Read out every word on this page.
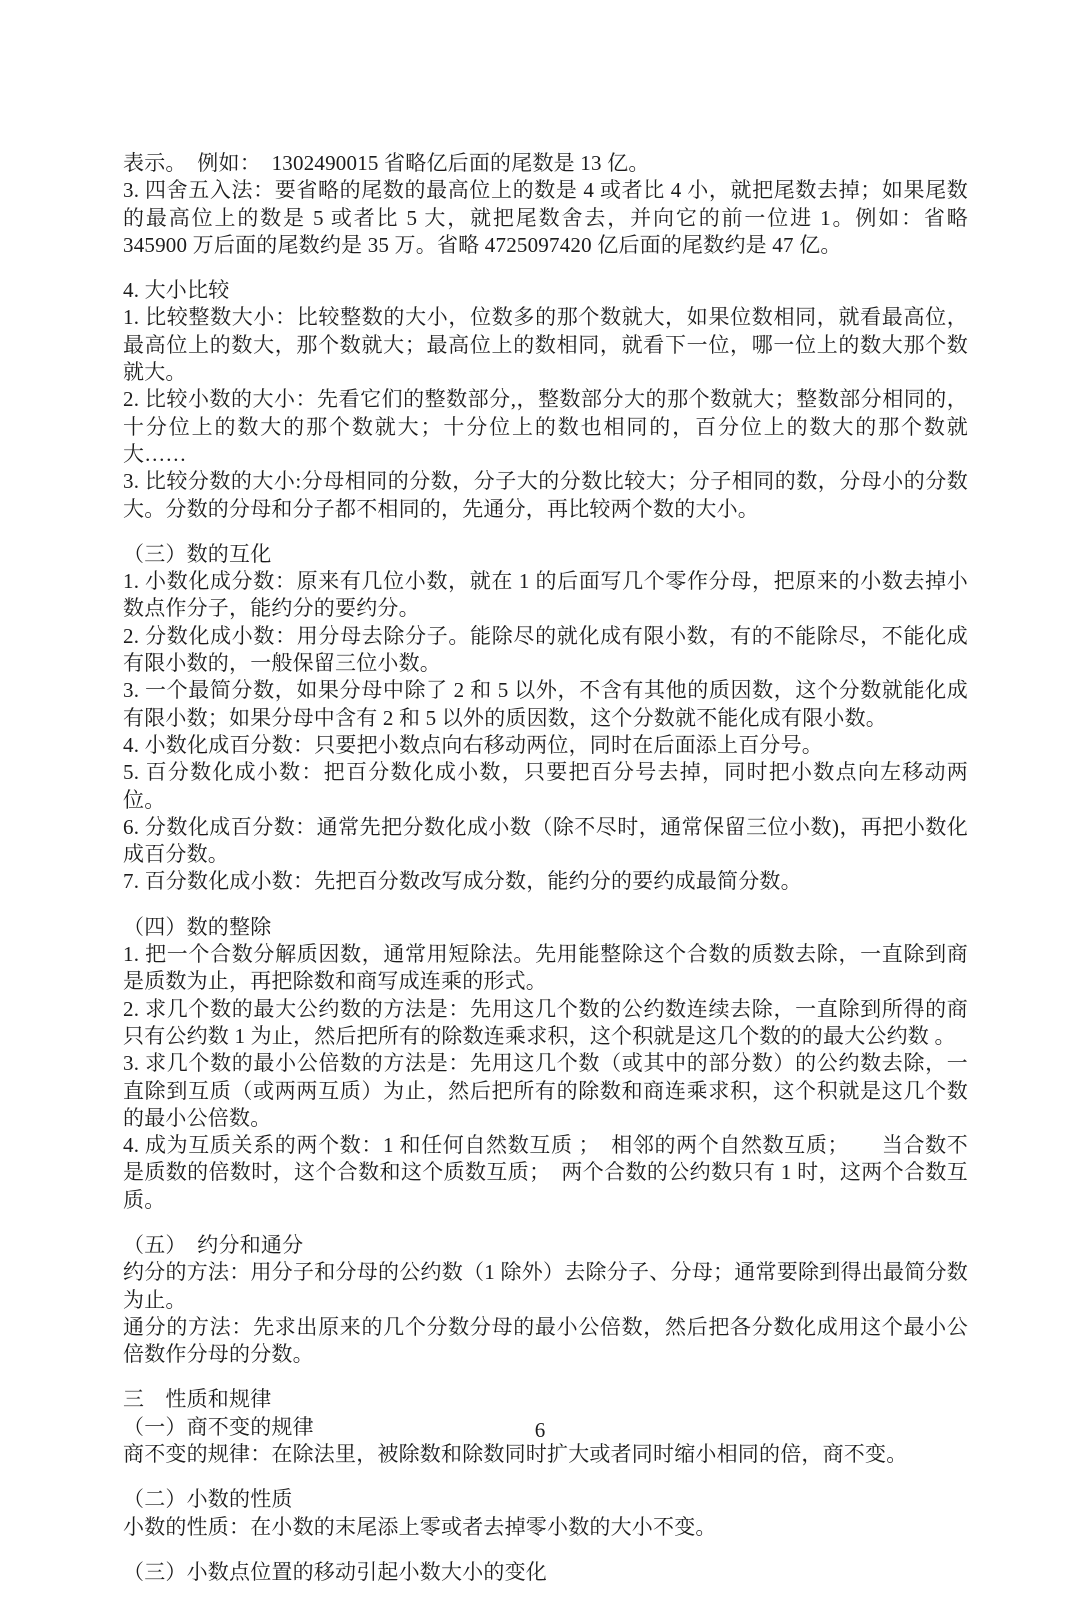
表示。　例如：　1302490015 省略亿后面的尾数是 13 亿。

3. 四舍五入法：要省略的尾数的最高位上的数是 4 或者比 4 小，就把尾数去掉；如果尾数的最高位上的数是 5 或者比 5 大，就把尾数舍去，并向它的前一位进 1。例如：省略 345900 万后面的尾数约是 35 万。省略 4725097420 亿后面的尾数约是 47 亿。

4. 大小比较

1. 比较整数大小：比较整数的大小，位数多的那个数就大，如果位数相同，就看最高位，最高位上的数大，那个数就大；最高位上的数相同，就看下一位，哪一位上的数大那个数就大。

2. 比较小数的大小：先看它们的整数部分,，整数部分大的那个数就大；整数部分相同的，十分位上的数大的那个数就大；十分位上的数也相同的，百分位上的数大的那个数就大……

3. 比较分数的大小:分母相同的分数，分子大的分数比较大；分子相同的数，分母小的分数大。分数的分母和分子都不相同的，先通分，再比较两个数的大小。

（三）数的互化

1. 小数化成分数：原来有几位小数，就在 1 的后面写几个零作分母，把原来的小数去掉小数点作分子，能约分的要约分。

2. 分数化成小数：用分母去除分子。能除尽的就化成有限小数，有的不能除尽，不能化成有限小数的，一般保留三位小数。

3. 一个最简分数，如果分母中除了 2 和 5 以外，不含有其他的质因数，这个分数就能化成有限小数；如果分母中含有 2 和 5 以外的质因数，这个分数就不能化成有限小数。

4. 小数化成百分数：只要把小数点向右移动两位，同时在后面添上百分号。

5. 百分数化成小数：把百分数化成小数，只要把百分号去掉，同时把小数点向左移动两位。

6. 分数化成百分数：通常先把分数化成小数（除不尽时，通常保留三位小数)，再把小数化成百分数。

7. 百分数化成小数：先把百分数改写成分数，能约分的要约成最简分数。

（四）数的整除

1. 把一个合数分解质因数，通常用短除法。先用能整除这个合数的质数去除，一直除到商是质数为止，再把除数和商写成连乘的形式。

2. 求几个数的最大公约数的方法是：先用这几个数的公约数连续去除，一直除到所得的商只有公约数 1 为止，然后把所有的除数连乘求积，这个积就是这几个数的的最大公约数 。

3. 求几个数的最小公倍数的方法是：先用这几个数（或其中的部分数）的公约数去除，一直除到互质（或两两互质）为止，然后把所有的除数和商连乘求积，这个积就是这几个数的最小公倍数。

4. 成为互质关系的两个数：1 和任何自然数互质 ；　相邻的两个自然数互质；　　当合数不是质数的倍数时，这个合数和这个质数互质；　两个合数的公约数只有 1 时，这两个合数互质。

（五）　约分和通分

约分的方法：用分子和分母的公约数（1 除外）去除分子、分母；通常要除到得出最简分数为止。

通分的方法：先求出原来的几个分数分母的最小公倍数，然后把各分数化成用这个最小公倍数作分母的分数。

三　性质和规律

（一）商不变的规律

商不变的规律：在除法里，被除数和除数同时扩大或者同时缩小相同的倍，商不变。

（二）小数的性质

小数的性质：在小数的末尾添上零或者去掉零小数的大小不变。

（三）小数点位置的移动引起小数大小的变化

6
